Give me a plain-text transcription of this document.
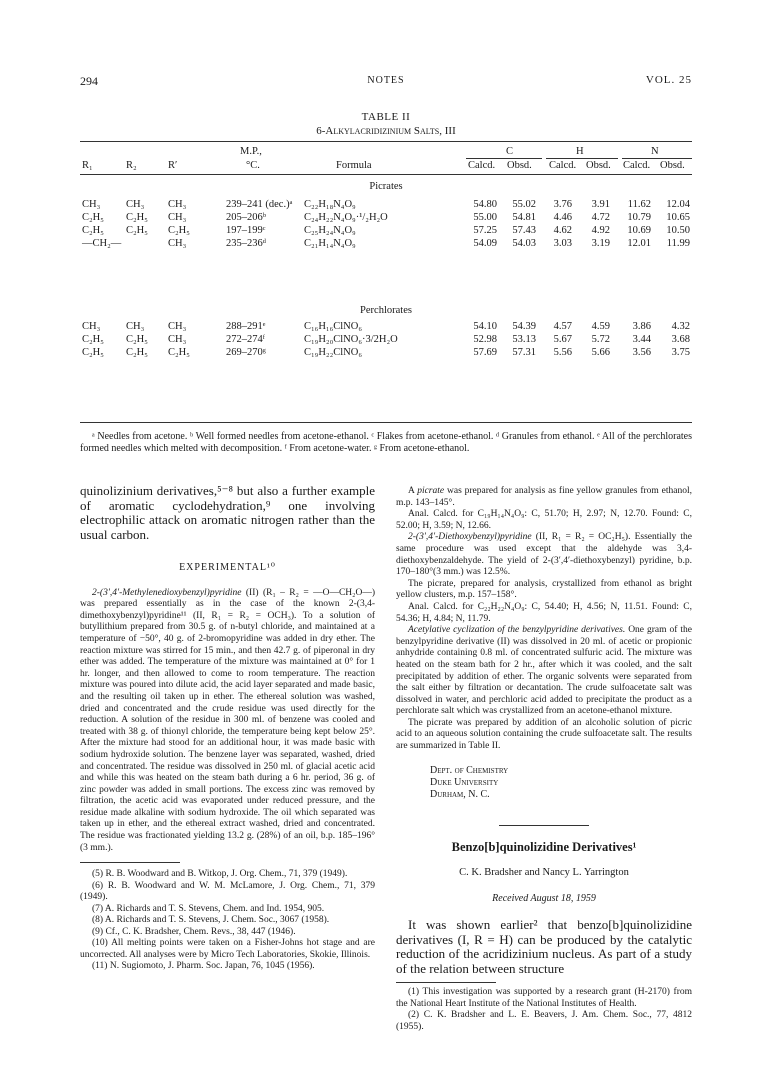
294	NOTES	VOL. 25
TABLE II
6-Alkylacridizinium Salts, III
M.P.,	C	H	N
R₁	R₂	R′	°C.	Formula	Calcd. Obsd. Calcd. Obsd. Calcd. Obsd.
Picrates
CH₃ CH₃ CH₃	239–241 (dec.)ᵃ C₂₂H₁₈N₄O₉	54.80	55.02	3.76	3.91	11.62	12.04
C₂H₅ C₂H₅ CH₃	205–206ᵇ	C₂₄H₂₂N₄O₉·¹/₂H₂O	55.00	54.81	4.46	4.72	10.79	10.65
C₂H₅ C₂H₅ C₂H₅	197–199ᶜ	C₂₅H₂₄N₄O₉	57.25	57.43	4.62	4.92	10.69	10.50
—CH₂—	CH₃	235–236ᵈ	C₂₁H₁₄N₄O₉	54.09	54.03	3.03	3.19	12.01	11.99
Perchlorates
CH₃ CH₃ CH₃	288–291ᵉ	C₁₆H₁₆ClNO₆	54.10	54.39	4.57	4.59	3.86	4.32
C₂H₅ C₂H₅ CH₃	272–274ᶠ	C₁₉H₂₀ClNO₆·3/2H₂O	52.98	53.13	5.67	5.72	3.44	3.68
C₂H₅ C₂H₅ C₂H₅	269–270ᵍ	C₁₉H₂₂ClNO₆	57.69	57.31	5.56	5.66	3.56	3.75
ᵃ Needles from acetone. ᵇ Well formed needles from acetone-ethanol. ᶜ Flakes from acetone-ethanol. ᵈ Granules from ethanol. ᵉ All of the perchlorates formed needles which melted with decomposition. ᶠ From acetone-water. ᵍ From acetone-ethanol.

quinolizinium derivatives,⁵⁻⁸ but also a further example of aromatic cyclodehydration,⁹ one involving electrophilic attack on aromatic nitrogen rather than the usual carbon.

EXPERIMENTAL¹⁰

2-(3′,4′-Methylenedioxybenzyl)pyridine (II) (R₁ – R₂ = —O—CH₂O—) was prepared essentially as in the case of the known 2-(3,4-dimethoxybenzyl)pyridine¹¹ (II, R₁ = R₂ = OCH₃). To a solution of butyllithium prepared from 30.5 g. of n-butyl chloride, and maintained at a temperature of −50°, 40 g. of 2-bromopyridine was added in dry ether. The reaction mixture was stirred for 15 min., and then 42.7 g. of piperonal in dry ether was added. The temperature of the mixture was maintained at 0° for 1 hr. longer, and then allowed to come to room temperature. The reaction mixture was poured into dilute acid, the acid layer separated and made basic, and the resulting oil taken up in ether. The ethereal solution was washed, dried and concentrated and the crude residue was used directly for the reduction. A solution of the residue in 300 ml. of benzene was cooled and treated with 38 g. of thionyl chloride, the temperature being kept below 25°. After the mixture had stood for an additional hour, it was made basic with sodium hydroxide solution. The benzene layer was separated, washed, dried and concentrated. The residue was dissolved in 250 ml. of glacial acetic acid and while this was heated on the steam bath during a 6 hr. period, 36 g. of zinc powder was added in small portions. The excess zinc was removed by filtration, the acetic acid was evaporated under reduced pressure, and the residue made alkaline with sodium hydroxide. The oil which separated was taken up in ether, and the ethereal extract washed, dried and concentrated. The residue was fractionated yielding 13.2 g. (28%) of an oil, b.p. 185–196° (3 mm.).

(5) R. B. Woodward and B. Witkop, J. Org. Chem., 71, 379 (1949).

(6) R. B. Woodward and W. M. McLamore, J. Org. Chem., 71, 379 (1949).

(7) A. Richards and T. S. Stevens, Chem. and Ind. 1954, 905.

(8) A. Richards and T. S. Stevens, J. Chem. Soc., 3067 (1958).

(9) Cf., C. K. Bradsher, Chem. Revs., 38, 447 (1946).

(10) All melting points were taken on a Fisher-Johns hot stage and are uncorrected. All analyses were by Micro Tech Laboratories, Skokie, Illinois.

(11) N. Sugiomoto, J. Pharm. Soc. Japan, 76, 1045 (1956).

A picrate was prepared for analysis as fine yellow granules from ethanol, m.p. 143–145°.

Anal. Calcd. for C₁₉H₁₄N₄O₉: C, 51.70; H, 2.97; N, 12.70. Found: C, 52.00; H, 3.59; N, 12.66.

2-(3′,4′-Diethoxybenzyl)pyridine (II, R₁ = R₂ = OC₂H₅). Essentially the same procedure was used except that the aldehyde was 3,4-diethoxybenzaldehyde. The yield of 2-(3′,4′-diethoxybenzyl) pyridine, b.p. 170–180°(3 mm.) was 12.5%.

The picrate, prepared for analysis, crystallized from ethanol as bright yellow clusters, m.p. 157–158°.

Anal. Calcd. for C₂₂H₂₂N₄O₉: C, 54.40; H, 4.56; N, 11.51. Found: C, 54.36; H, 4.84; N, 11.79.

Acetylative cyclization of the benzylpyridine derivatives. One gram of the benzylpyridine derivative (II) was dissolved in 20 ml. of acetic or propionic anhydride containing 0.8 ml. of concentrated sulfuric acid. The mixture was heated on the steam bath for 2 hr., after which it was cooled, and the salt precipitated by addition of ether. The organic solvents were separated from the salt either by filtration or decantation. The crude sulfoacetate salt was dissolved in water, and perchloric acid added to precipitate the product as a perchlorate salt which was crystallized from an acetone-ethanol mixture.

The picrate was prepared by addition of an alcoholic solution of picric acid to an aqueous solution containing the crude sulfoacetate salt. The results are summarized in Table II.

Dept. of Chemistry

Duke University

Durham, N. C.

Benzo[b]quinolizidine Derivatives¹

C. K. Bradsher and Nancy L. Yarrington

Received August 18, 1959

It was shown earlier² that benzo[b]quinolizidine derivatives (I, R = H) can be produced by the catalytic reduction of the acridizinium nucleus. As part of a study of the relation between structure

(1) This investigation was supported by a research grant (H-2170) from the National Heart Institute of the National Institutes of Health.

(2) C. K. Bradsher and L. E. Beavers, J. Am. Chem. Soc., 77, 4812 (1955).
